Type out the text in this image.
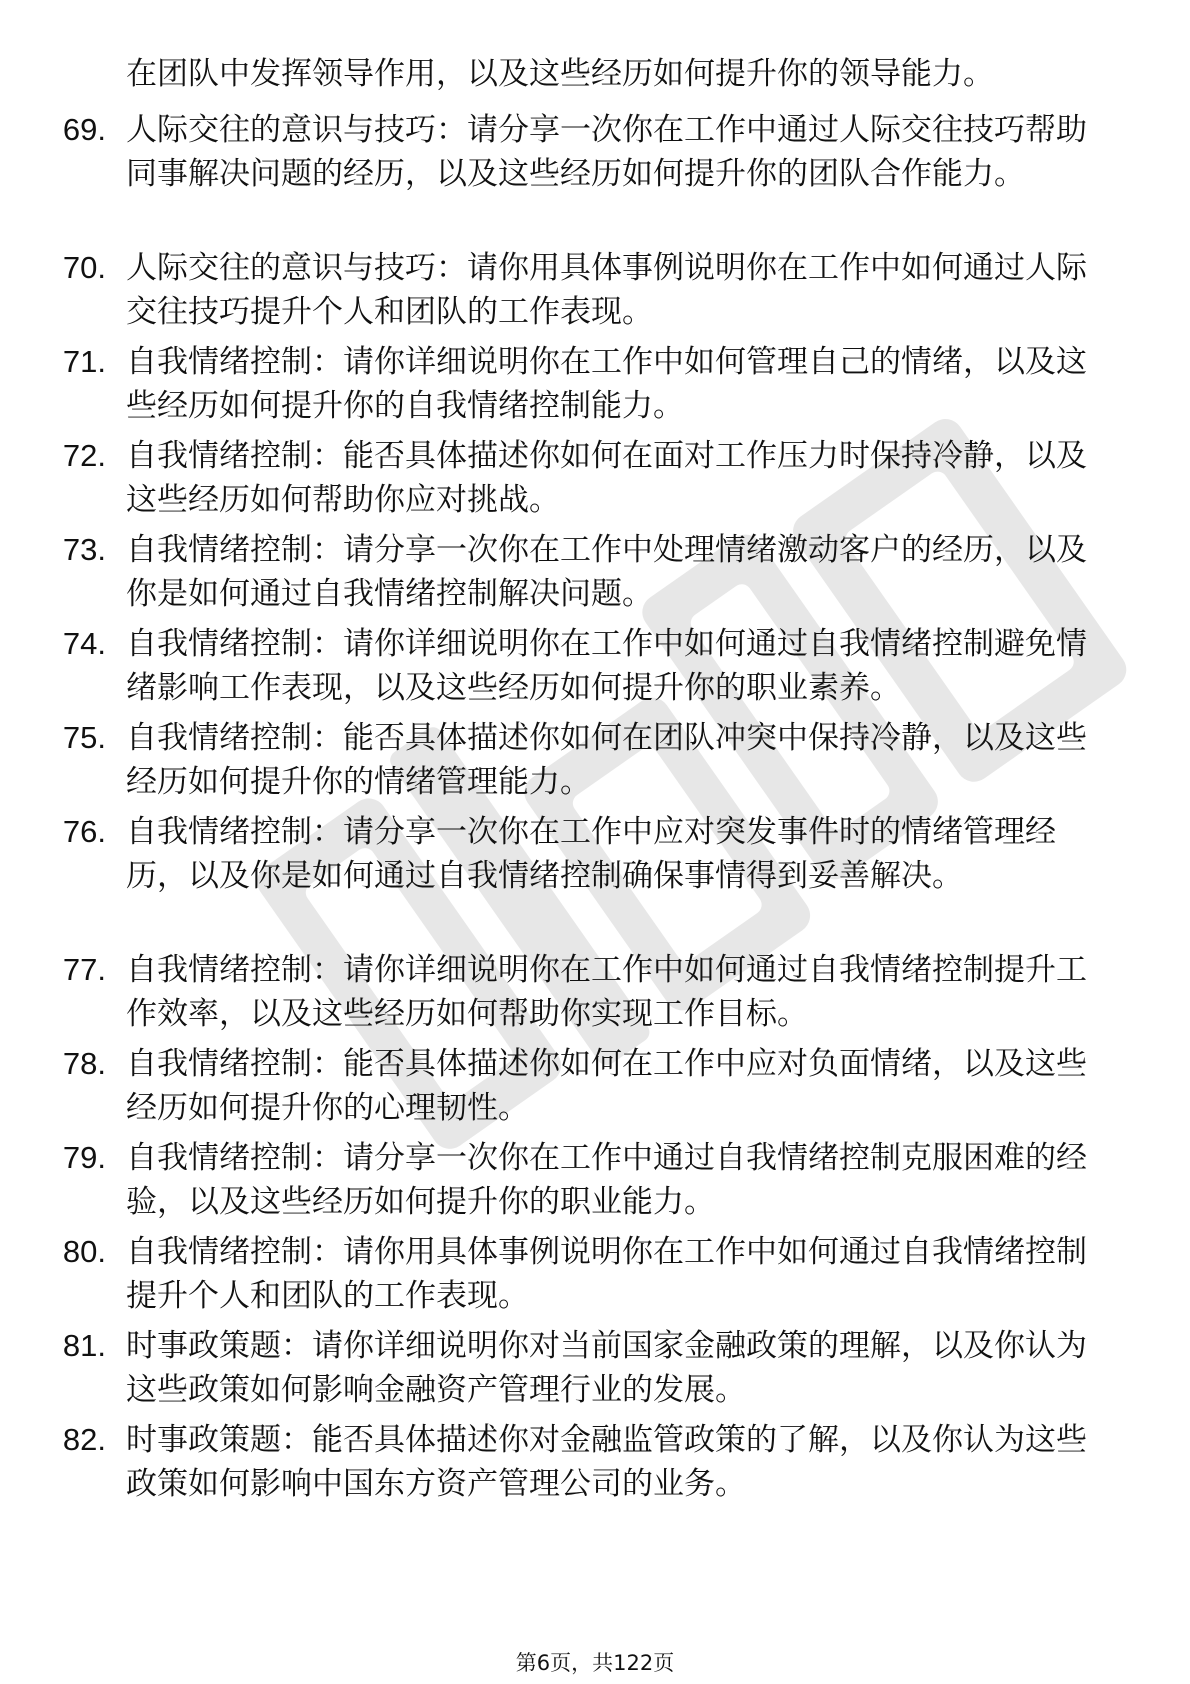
在团队中发挥领导作用，以及这些经历如何提升你的领导能力。

69. 人际交往的意识与技巧：请分享一次你在工作中通过人际交往技巧帮助同事解决问题的经历，以及这些经历如何提升你的团队合作能力。

70. 人际交往的意识与技巧：请你用具体事例说明你在工作中如何通过人际交往技巧提升个人和团队的工作表现。

71. 自我情绪控制：请你详细说明你在工作中如何管理自己的情绪，以及这些经历如何提升你的自我情绪控制能力。

72. 自我情绪控制：能否具体描述你如何在面对工作压力时保持冷静，以及这些经历如何帮助你应对挑战。

73. 自我情绪控制：请分享一次你在工作中处理情绪激动客户的经历，以及你是如何通过自我情绪控制解决问题。

74. 自我情绪控制：请你详细说明你在工作中如何通过自我情绪控制避免情绪影响工作表现，以及这些经历如何提升你的职业素养。

75. 自我情绪控制：能否具体描述你如何在团队冲突中保持冷静，以及这些经历如何提升你的情绪管理能力。

76. 自我情绪控制：请分享一次你在工作中应对突发事件时的情绪管理经历，以及你是如何通过自我情绪控制确保事情得到妥善解决。

77. 自我情绪控制：请你详细说明你在工作中如何通过自我情绪控制提升工作效率，以及这些经历如何帮助你实现工作目标。

78. 自我情绪控制：能否具体描述你如何在工作中应对负面情绪，以及这些经历如何提升你的心理韧性。

79. 自我情绪控制：请分享一次你在工作中通过自我情绪控制克服困难的经验，以及这些经历如何提升你的职业能力。

80. 自我情绪控制：请你用具体事例说明你在工作中如何通过自我情绪控制提升个人和团队的工作表现。

81. 时事政策题：请你详细说明你对当前国家金融政策的理解，以及你认为这些政策如何影响金融资产管理行业的发展。

82. 时事政策题：能否具体描述你对金融监管政策的了解，以及你认为这些政策如何影响中国东方资产管理公司的业务。

第6页，共122页
